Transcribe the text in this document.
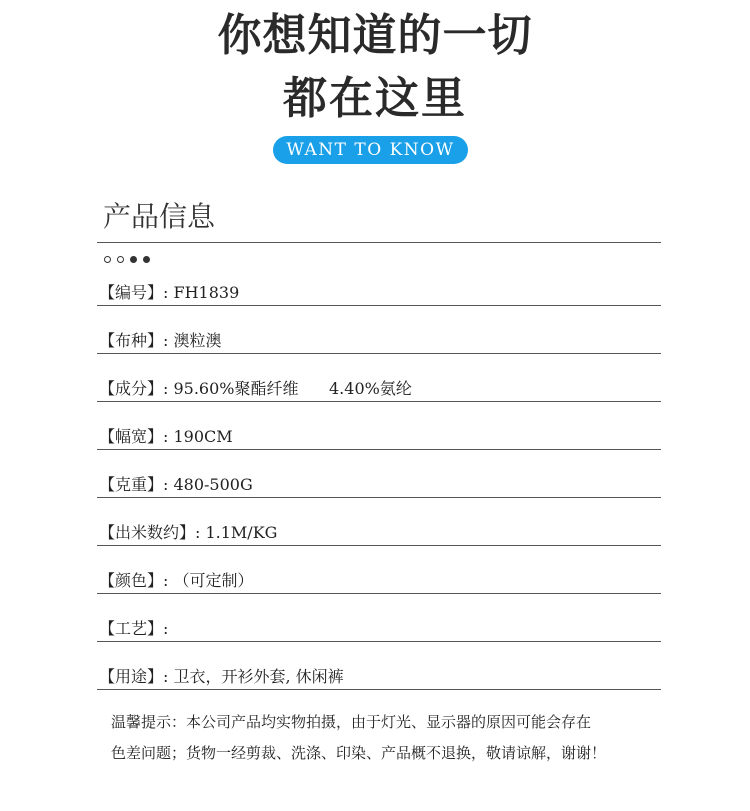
你想知道的一切
都在这里
WANT TO KNOW
产品信息
【编号】: FH1839
【布种】: 澳粒澳
【成分】: 95.60%聚酯纤维      4.40%氨纶
【幅宽】: 190CM
【克重】: 480-500G
【出米数约】: 1.1M/KG
【颜色】: （可定制）
【工艺】:
【用途】: 卫衣，开衫外套, 休闲裤
温馨提示：本公司产品均实物拍摄，由于灯光、显示器的原因可能会存在
色差问题；货物一经剪裁、洗涤、印染、产品概不退换，敬请谅解，谢谢！
